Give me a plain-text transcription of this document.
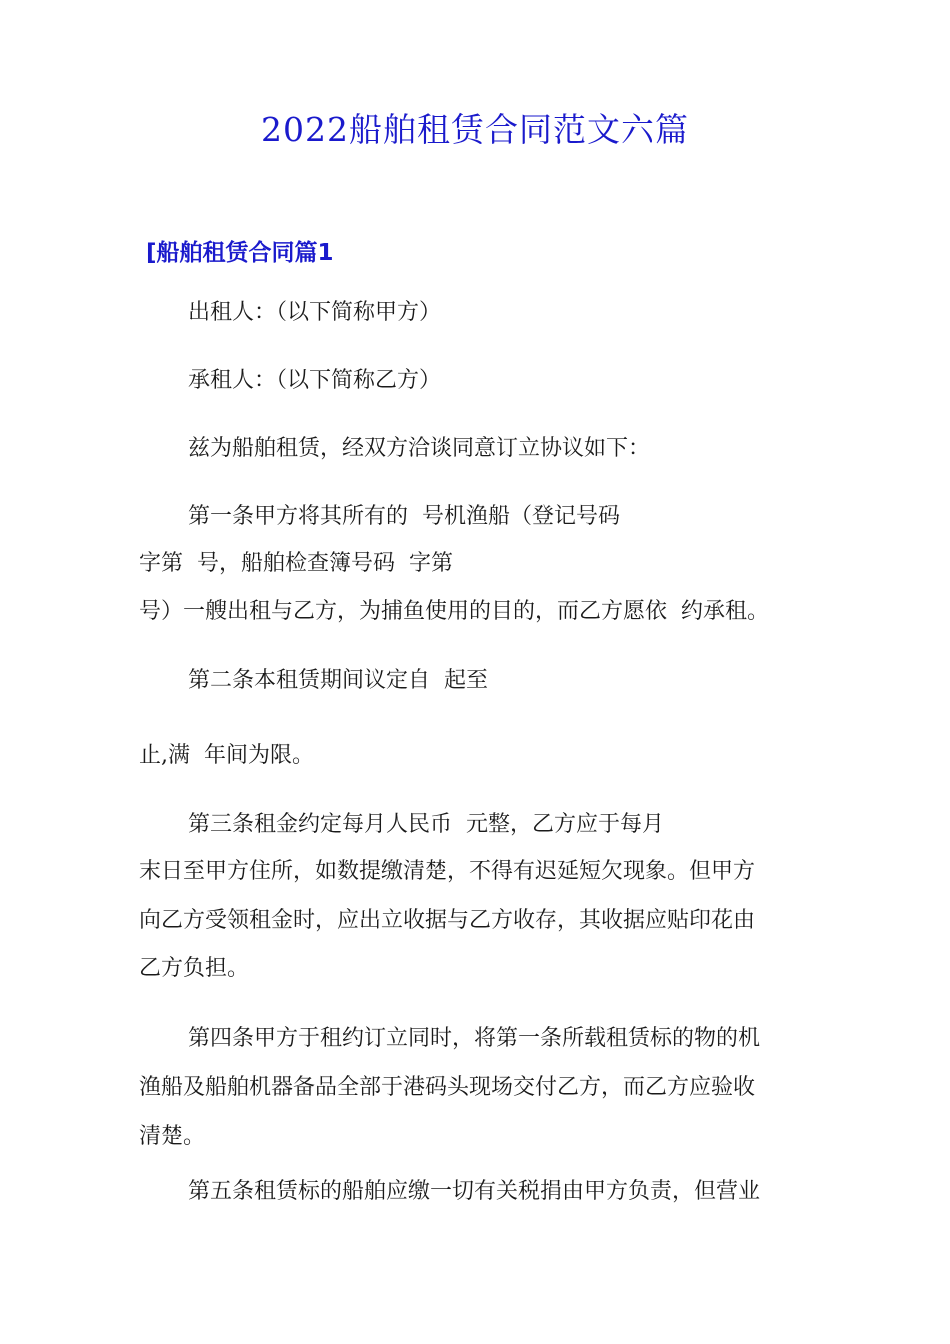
2022船舶租赁合同范文六篇
[船舶租赁合同篇1

出租人：（以下简称甲方）

承租人：（以下简称乙方）

兹为船舶租赁，经双方洽谈同意订立协议如下：

第一条甲方将其所有的  号机渔船（登记号码

字第  号，船舶检查簿号码  字第

号）一艘出租与乙方，为捕鱼使用的目的，而乙方愿依  约承租。

第二条本租赁期间议定自  起至

止,满  年间为限。

第三条租金约定每月人民币  元整，乙方应于每月

末日至甲方住所，如数提缴清楚，不得有迟延短欠现象。但甲方

向乙方受领租金时，应出立收据与乙方收存，其收据应贴印花由

乙方负担。

第四条甲方于租约订立同时，将第一条所载租赁标的物的机

渔船及船舶机器备品全部于港码头现场交付乙方，而乙方应验收

清楚。

第五条租赁标的船舶应缴一切有关税捐由甲方负责，但营业
